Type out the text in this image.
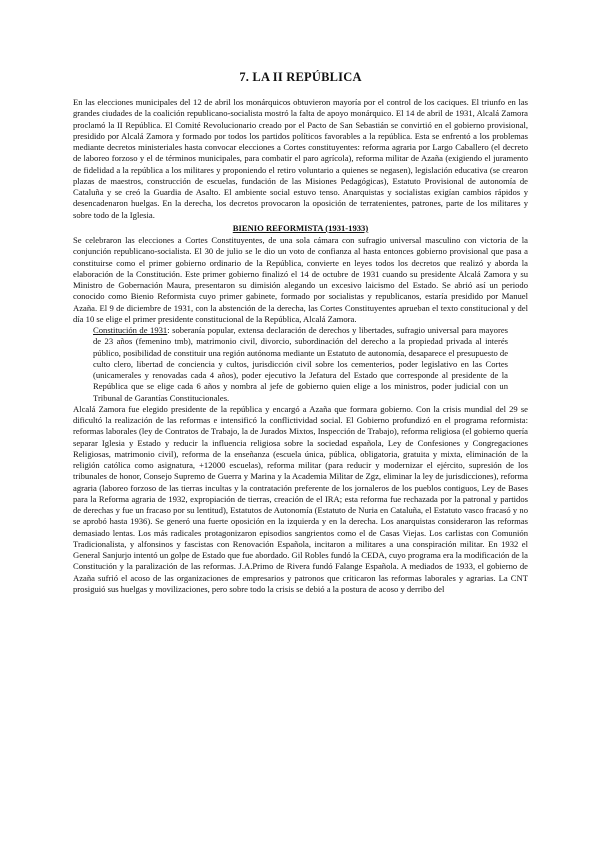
7. LA II REPÚBLICA

En las elecciones municipales del 12 de abril los monárquicos obtuvieron mayoría por el control de los caciques. El triunfo en las grandes ciudades de la coalición republicano-socialista mostró la falta de apoyo monárquico. El 14 de abril de 1931, Alcalá Zamora proclamó la II República. El Comité Revolucionario creado por el Pacto de San Sebastián se convirtió en el gobierno provisional, presidido por Alcalá Zamora y formado por todos los partidos políticos favorables a la república. Esta se enfrentó a los problemas mediante decretos ministeriales hasta convocar elecciones a Cortes constituyentes: reforma agraria por Largo Caballero (el decreto de laboreo forzoso y el de términos municipales, para combatir el paro agrícola), reforma militar de Azaña (exigiendo el juramento de fidelidad a la república a los militares y proponiendo el retiro voluntario a quienes se negasen), legislación educativa (se crearon plazas de maestros, construcción de escuelas, fundación de las Misiones Pedagógicas), Estatuto Provisional de autonomía de Cataluña y se creó la Guardia de Asalto. El ambiente social estuvo tenso. Anarquistas y socialistas exigían cambios rápidos y desencadenaron huelgas. En la derecha, los decretos provocaron la oposición de terratenientes, patrones, parte de los militares y sobre todo de la Iglesia.

BIENIO REFORMISTA (1931-1933)

Se celebraron las elecciones a Cortes Constituyentes, de una sola cámara con sufragio universal masculino con victoria de la conjunción republicano-socialista. El 30 de julio se le dio un voto de confianza al hasta entonces gobierno provisional que pasa a constituirse como el primer gobierno ordinario de la República, convierte en leyes todos los decretos que realizó y aborda la elaboración de la Constitución. Este primer gobierno finalizó el 14 de octubre de 1931 cuando su presidente Alcalá Zamora y su Ministro de Gobernación Maura, presentaron su dimisión alegando un excesivo laicismo del Estado. Se abrió así un periodo conocido como Bienio Reformista cuyo primer gabinete, formado por socialistas y republicanos, estaría presidido por Manuel Azaña. El 9 de diciembre de 1931, con la abstención de la derecha, las Cortes Constituyentes aprueban el texto constitucional y del día 10 se elige el primer presidente constitucional de la República, Alcalá Zamora.

Constitución de 1931: soberanía popular, extensa declaración de derechos y libertades, sufragio universal para mayores de 23 años (femenino tmb), matrimonio civil, divorcio, subordinación del derecho a la propiedad privada al interés público, posibilidad de constituir una región autónoma mediante un Estatuto de autonomía, desaparece el presupuesto de culto clero, libertad de conciencia y cultos, jurisdicción civil sobre los cementerios, poder legislativo en las Cortes (unicamerales y renovadas cada 4 años), poder ejecutivo la Jefatura del Estado que corresponde al presidente de la República que se elige cada 6 años y nombra al jefe de gobierno quien elige a los ministros, poder judicial con un Tribunal de Garantías Constitucionales.

Alcalá Zamora fue elegido presidente de la república y encargó a Azaña que formara gobierno. Con la crisis mundial del 29 se dificultó la realización de las reformas e intensificó la conflictividad social. El Gobierno profundizó en el programa reformista: reformas laborales (ley de Contratos de Trabajo, la de Jurados Mixtos, Inspección de Trabajo), reforma religiosa (el gobierno quería separar Iglesia y Estado y reducir la influencia religiosa sobre la sociedad española, Ley de Confesiones y Congregaciones Religiosas, matrimonio civil), reforma de la enseñanza (escuela única, pública, obligatoria, gratuita y mixta, eliminación de la religión católica como asignatura, +12000 escuelas), reforma militar (para reducir y modernizar el ejército, supresión de los tribunales de honor, Consejo Supremo de Guerra y Marina y la Academia Militar de Zgz, eliminar la ley de jurisdicciones), reforma agraria (laboreo forzoso de las tierras incultas y la contratación preferente de los jornaleros de los pueblos contiguos, Ley de Bases para la Reforma agraria de 1932, expropiación de tierras, creación de el IRA; esta reforma fue rechazada por la patronal y partidos de derechas y fue un fracaso por su lentitud), Estatutos de Autonomía (Estatuto de Nuria en Cataluña, el Estatuto vasco fracasó y no se aprobó hasta 1936). Se generó una fuerte oposición en la izquierda y en la derecha. Los anarquistas consideraron las reformas demasiado lentas. Los más radicales protagonizaron episodios sangrientos como el de Casas Viejas. Los carlistas con Comunión Tradicionalista, y alfonsinos y fascistas con Renovación Española, incitaron a militares a una conspiración militar. En 1932 el General Sanjurjo intentó un golpe de Estado que fue abordado. Gil Robles fundó la CEDA, cuyo programa era la modificación de la Constitución y la paralización de las reformas. J.A.Primo de Rivera fundó Falange Española. A mediados de 1933, el gobierno de Azaña sufrió el acoso de las organizaciones de empresarios y patronos que criticaron las reformas laborales y agrarias. La CNT prosiguió sus huelgas y movilizaciones, pero sobre todo la crisis se debió a la postura de acoso y derribo del
